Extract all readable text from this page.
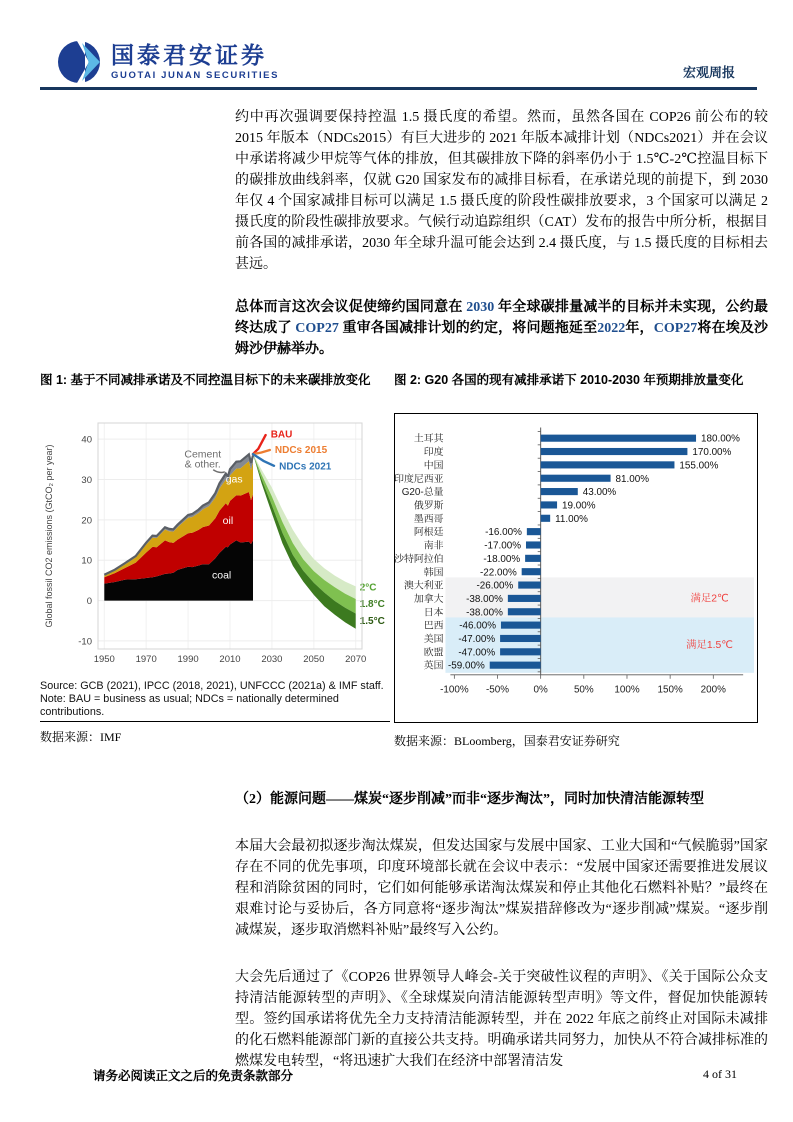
国泰君安证券
GUOTAI JUNAN SECURITIES	宏观周报

约中再次强调要保持控温 1.5 摄氏度的希望。然而，虽然各国在 COP26 前公布的较 2015 年版本（NDCs2015）有巨大进步的 2021 年版本减排计划（NDCs2021）并在会议中承诺将减少甲烷等气体的排放，但其碳排放下降的斜率仍小于 1.5℃-2℃控温目标下的碳排放曲线斜率，仅就 G20 国家发布的减排目标看，在承诺兑现的前提下，到 2030 年仅 4 个国家减排目标可以满足 1.5 摄氏度的阶段性碳排放要求，3 个国家可以满足 2 摄氏度的阶段性碳排放要求。气候行动追踪组织（CAT）发布的报告中所分析，根据目前各国的减排承诺，2030 年全球升温可能会达到 2.4 摄氏度，与 1.5 摄氏度的目标相去甚远。

总体而言这次会议促使缔约国同意在 2030 年全球碳排量减半的目标并未实现，公约最终达成了 COP27 重审各国减排计划的约定，将问题拖延至2022年，COP27将在埃及沙姆沙伊赫举办。

图 1: 基于不同减排承诺及不同控温目标下的未来碳排放变化
1950 1970 1990 2010 2030 2050 2070
-10
0
10
20
30
40
Global fossil CO2 emissions (GtCO₂ per year)	2°C
1.8°C
1.5°C
BAU
NDCs 2015
NDCs 2021
coal
oil
gas
Cement
& other.
Source: GCB (2021), IPCC (2018, 2021), UNFCCC (2021a) & IMF staff. Note: BAU = business as usual; NDCs = nationally determined contributions.
数据来源：IMF
图 2: G20 各国的现有减排承诺下 2010-2030 年预期排放量变化
满足2℃
满足1.5℃
土耳其	180.00%
印度	170.00%
中国	155.00%
印度尼西亚	81.00%
G20-总量	43.00%
俄罗斯	19.00%
墨西哥	11.00%
阿根廷	-16.00%
南非	-17.00%
沙特阿拉伯	-18.00%
韩国	-22.00%
澳大利亚	-26.00%
加拿大 -38.00%
日本 -38.00%
巴西 -46.00%
美国 -47.00%
欧盟 -47.00%
英国 -59.00%
-100% -50% 0%	50% 100% 150% 200%
数据来源：BLoomberg，国泰君安证券研究

（2）能源问题——煤炭“逐步削减”而非“逐步淘汰”，同时加快清洁能源转型

本届大会最初拟逐步淘汰煤炭，但发达国家与发展中国家、工业大国和“气候脆弱”国家存在不同的优先事项，印度环境部长就在会议中表示：“发展中国家还需要推进发展议程和消除贫困的同时，它们如何能够承诺淘汰煤炭和停止其他化石燃料补贴？”最终在艰难讨论与妥协后，各方同意将“逐步淘汰”煤炭措辞修改为“逐步削减”煤炭。“逐步削减煤炭，逐步取消燃料补贴”最终写入公约。

大会先后通过了《COP26 世界领导人峰会-关于突破性议程的声明》、《关于国际公众支持清洁能源转型的声明》、《全球煤炭向清洁能源转型声明》等文件，督促加快能源转型。签约国承诺将优先全力支持清洁能源转型，并在 2022 年底之前终止对国际未减排的化石燃料能源部门新的直接公共支持。明确承诺共同努力，加快从不符合减排标准的燃煤发电转型，“将迅速扩大我们在经济中部署清洁发

请务必阅读正文之后的免责条款部分	4 of 31
